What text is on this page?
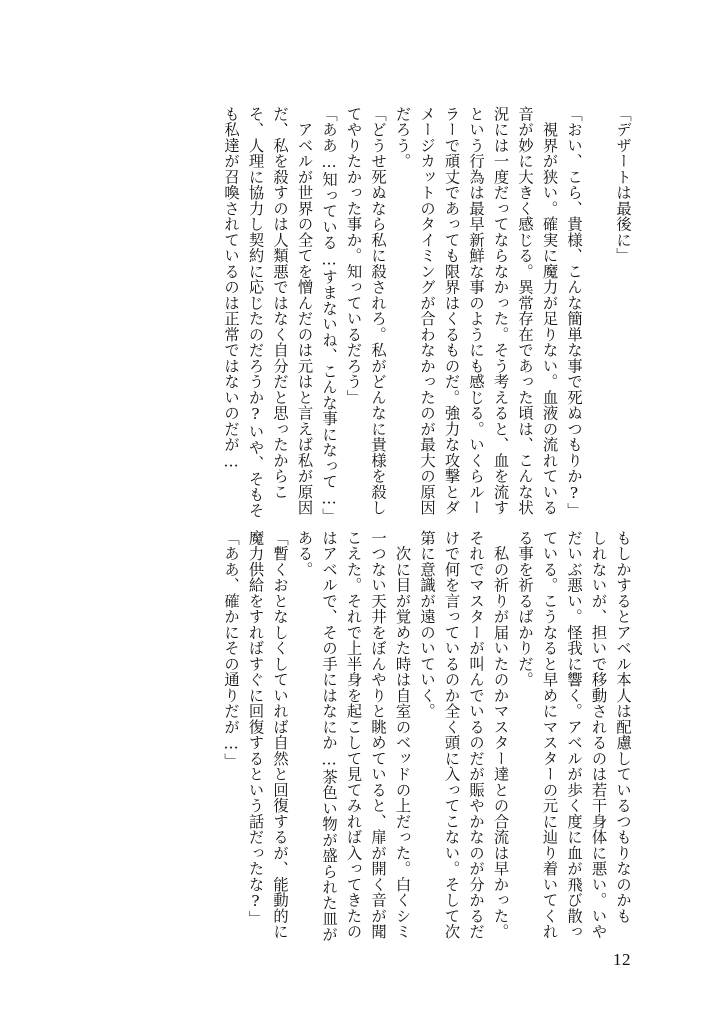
「デザートは最後に」

「おい、こら、貴様、こんな簡単な事で死ぬつもりか?」
　視界が狭い。確実に魔力が足りない。血液の流れている
音が妙に大きく感じる。異常存在であった頃は、こんな状
況には一度だってならなかった。そう考えると、血を流す
という行為は最早新鮮な事のようにも感じる。いくらルー
ラーで頑丈であっても限界はくるものだ。強力な攻撃とダ
メージカットのタイミングが合わなかったのが最大の原因
だろう。
「どうせ死ぬなら私に殺されろ。私がどんなに貴様を殺し
てやりたかった事か。知っているだろう」
「ああ…知っている…すまないね、こんな事になって…」
　アベルが世界の全てを憎んだのは元はと言えば私が原因
だ、私を殺すのは人類悪ではなく自分だと思ったからこ
そ、人理に協力し契約に応じたのだろうか?いや、そもそ
も私達が召喚されているのは正常ではないのだが…
もしかするとアベル本人は配慮しているつもりなのかも
しれないが、担いで移動されるのは若干身体に悪い。いや
だいぶ悪い。怪我に響く。アベルが歩く度に血が飛び散っ
ている。こうなると早めにマスターの元に辿り着いてくれ
る事を祈るばかりだ。
　私の祈りが届いたのかマスター達との合流は早かった。
それでマスターが叫んでいるのだが賑やかなのが分かるだ
けで何を言っているのか全く頭に入ってこない。そして次
第に意識が遠のいていく。
　次に目が覚めた時は自室のベッドの上だった。白くシミ
一つない天井をぼんやりと眺めていると、扉が開く音が聞
こえた。それで上半身を起こして見てみれば入ってきたの
はアベルで、その手にはなにか…茶色い物が盛られた皿が
ある。
「暫くおとなしくしていれば自然と回復するが、能動的に
魔力供給をすればすぐに回復するという話だったな?」
「ああ、確かにその通りだが…」
12
